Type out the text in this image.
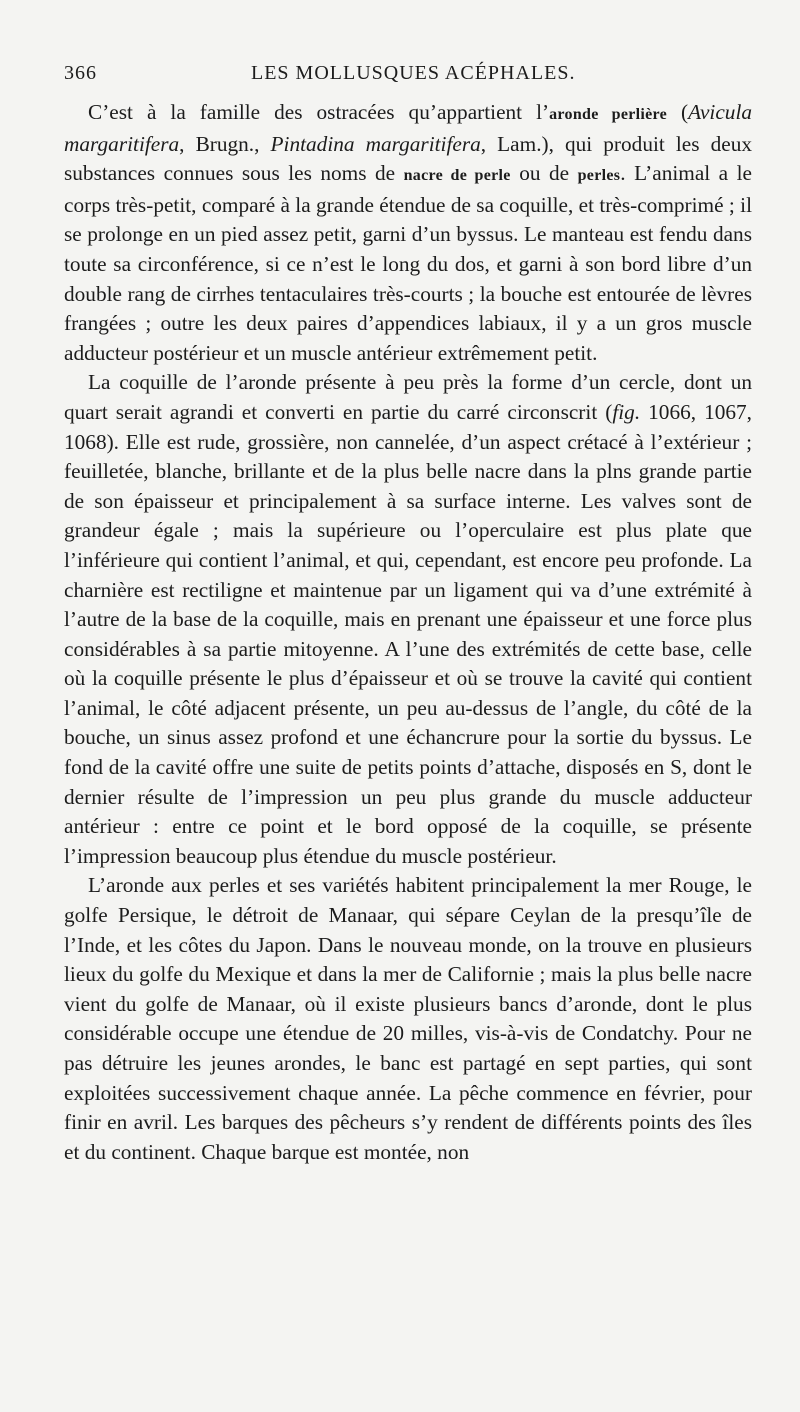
366	LES MOLLUSQUES ACÉPHALES.

C’est à la famille des ostracées qu’appartient l’aronde perlière (Avicula margaritifera, Brugn., Pintadina margaritifera, Lam.), qui produit les deux substances connues sous les noms de nacre de perle ou de perles. L’animal a le corps très-petit, comparé à la grande étendue de sa coquille, et très-comprimé ; il se prolonge en un pied assez petit, garni d’un byssus. Le manteau est fendu dans toute sa circonférence, si ce n’est le long du dos, et garni à son bord libre d’un double rang de cirrhes tentaculaires très-courts ; la bouche est entourée de lèvres frangées ; outre les deux paires d’appendices labiaux, il y a un gros muscle adducteur postérieur et un muscle antérieur extrêmement petit.

La coquille de l’aronde présente à peu près la forme d’un cercle, dont un quart serait agrandi et converti en partie du carré circonscrit (fig. 1066, 1067, 1068). Elle est rude, grossière, non cannelée, d’un aspect crétacé à l’extérieur ; feuilletée, blanche, brillante et de la plus belle nacre dans la plns grande partie de son épaisseur et principalement à sa surface interne. Les valves sont de grandeur égale ; mais la supérieure ou l’operculaire est plus plate que l’inférieure qui contient l’animal, et qui, cependant, est encore peu profonde. La charnière est rectiligne et maintenue par un ligament qui va d’une extrémité à l’autre de la base de la coquille, mais en prenant une épaisseur et une force plus considérables à sa partie mitoyenne. A l’une des extrémités de cette base, celle où la coquille présente le plus d’épaisseur et où se trouve la cavité qui contient l’animal, le côté adjacent présente, un peu au-dessus de l’angle, du côté de la bouche, un sinus assez profond et une échancrure pour la sortie du byssus. Le fond de la cavité offre une suite de petits points d’attache, disposés en S, dont le dernier résulte de l’impression un peu plus grande du muscle adducteur antérieur : entre ce point et le bord opposé de la coquille, se présente l’impression beaucoup plus étendue du muscle postérieur.

L’aronde aux perles et ses variétés habitent principalement la mer Rouge, le golfe Persique, le détroit de Manaar, qui sépare Ceylan de la presqu’île de l’Inde, et les côtes du Japon. Dans le nouveau monde, on la trouve en plusieurs lieux du golfe du Mexique et dans la mer de Californie ; mais la plus belle nacre vient du golfe de Manaar, où il existe plusieurs bancs d’aronde, dont le plus considérable occupe une étendue de 20 milles, vis-à-vis de Condatchy. Pour ne pas détruire les jeunes arondes, le banc est partagé en sept parties, qui sont exploitées successivement chaque année. La pêche commence en février, pour finir en avril. Les barques des pêcheurs s’y rendent de différents points des îles et du continent. Chaque barque est montée, non
